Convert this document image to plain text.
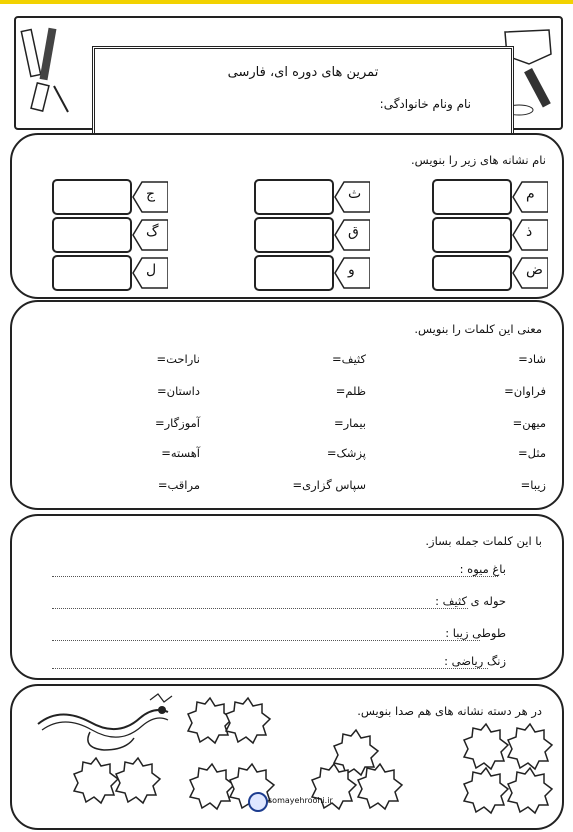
تمرین های دوره ای، فارسی
نام ونام خانوادگی:
نام نشانه های زیر را بنویس.
م
ذ
ض
ث
ق
و
ج
گ
ل
معنی این کلمات را بنویس.
شاد=
فراوان=
میهن=
مثل=
زیبا=
کثیف=
ظلم=
بیمار=
پزشک=
سپاس گزاری=
ناراحت=
داستان=
آموزگار=
آهسته=
مراقب=
با این کلمات جمله بساز.
باغ میوه :
حوله ی کثیف :
طوطی زیبا :
زنگ ریاضی :
در هر دسته نشانه های هم صدا بنویس.
somayehroohi.ir
